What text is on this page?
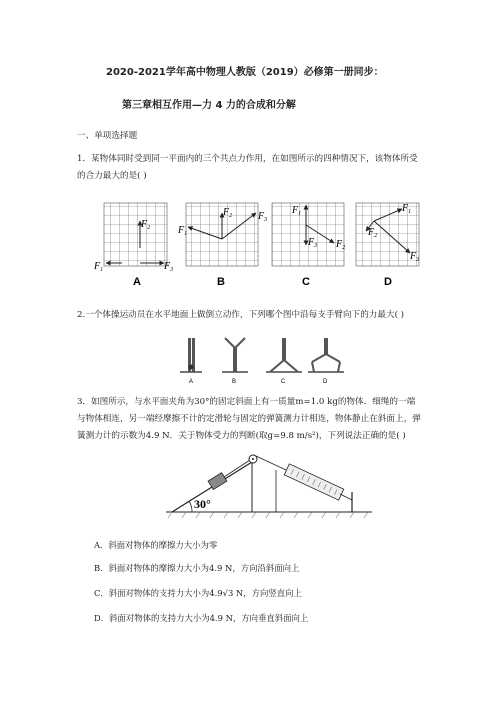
2020-2021学年高中物理人教版（2019）必修第一册同步：
第三章相互作用—力 4 力的合成和分解
一、单项选择题
1．某物体同时受到同一平面内的三个共点力作用，在如图所示的四种情况下，该物体所受
的合力最大的是( )
$F_2$
$F_1$	$F_3$
A
$F_2$
$F_1$
$F_3$
B
$F_1$
$F_3$ $F_2$
C
$F_1$
$F_2$
$F_3$
D
2.一个体操运动员在水平地面上做倒立动作，下列哪个图中沿每支手臂向下的力最大( )
A	B	C	D
3．如图所示，与水平面夹角为30°的固定斜面上有一质量m=1.0 kg的物体．细绳的一端
与物体相连，另一端经摩擦不计的定滑轮与固定的弹簧测力计相连，物体静止在斜面上，弹
簧测力计的示数为4.9 N．关于物体受力的判断(取g=9.8 m/s²)，下列说法正确的是( )
30°
A．斜面对物体的摩擦力大小为零
B．斜面对物体的摩擦力大小为4.9 N，方向沿斜面向上
C．斜面对物体的支持力大小为4.9√3 N，方向竖直向上
D．斜面对物体的支持力大小为4.9 N，方向垂直斜面向上
